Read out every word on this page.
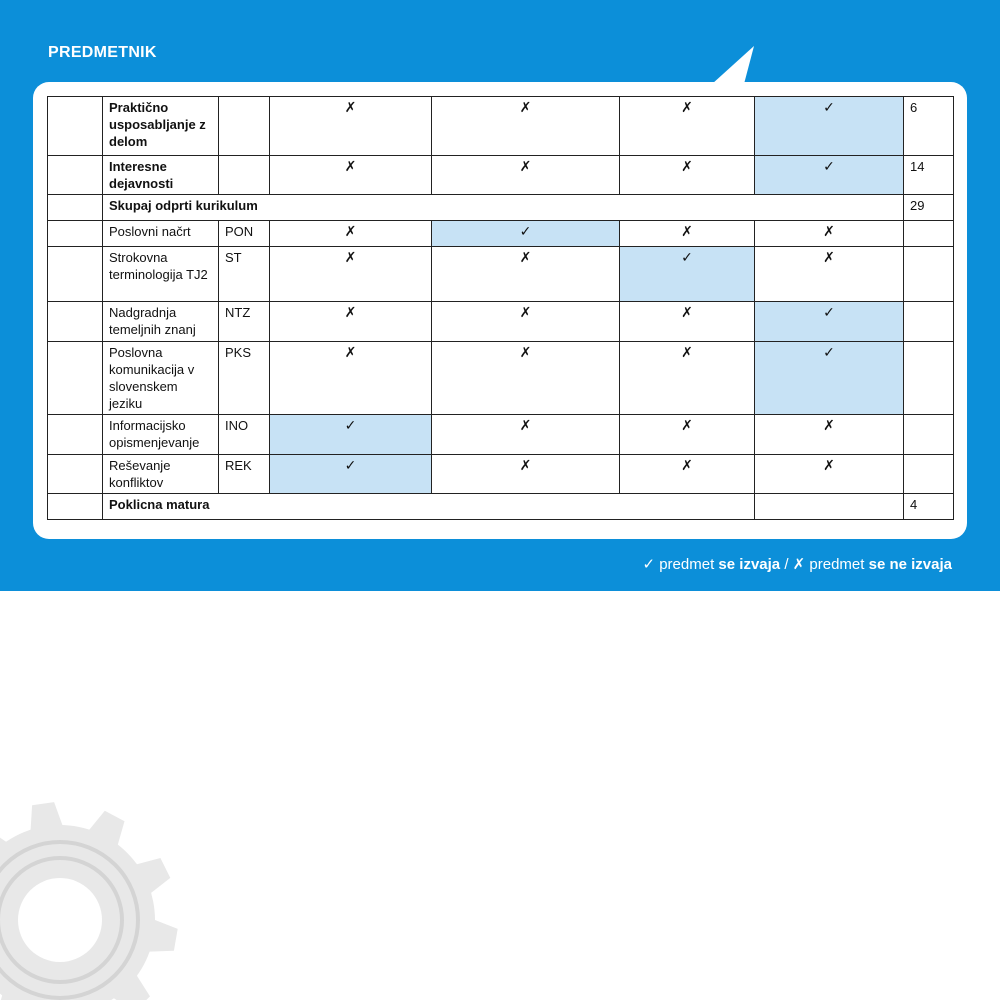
PREDMETNIK
	Praktično usposabljanje z delom		✗	✗	✗	✓	6
	Interesne dejavnosti		✗	✗	✗	✓	14
	Skupaj odprti kurikulum						29
	Poslovni načrt	PON	✗	✓	✗	✗	
	Strokovna terminologija TJ2	ST	✗	✗	✓	✗	
	Nadgradnja temeljnih znanj	NTZ	✗	✗	✗	✓	
	Poslovna komunikacija v slovenskem jeziku	PKS	✗	✗	✗	✓	
	Informacijsko opismenjevanje	INO	✓	✗	✗	✗	
	Reševanje konfliktov	REK	✓	✗	✗	✗	
	Poklicna matura						4
✓ predmet se izvaja / ✗ predmet se ne izvaja
